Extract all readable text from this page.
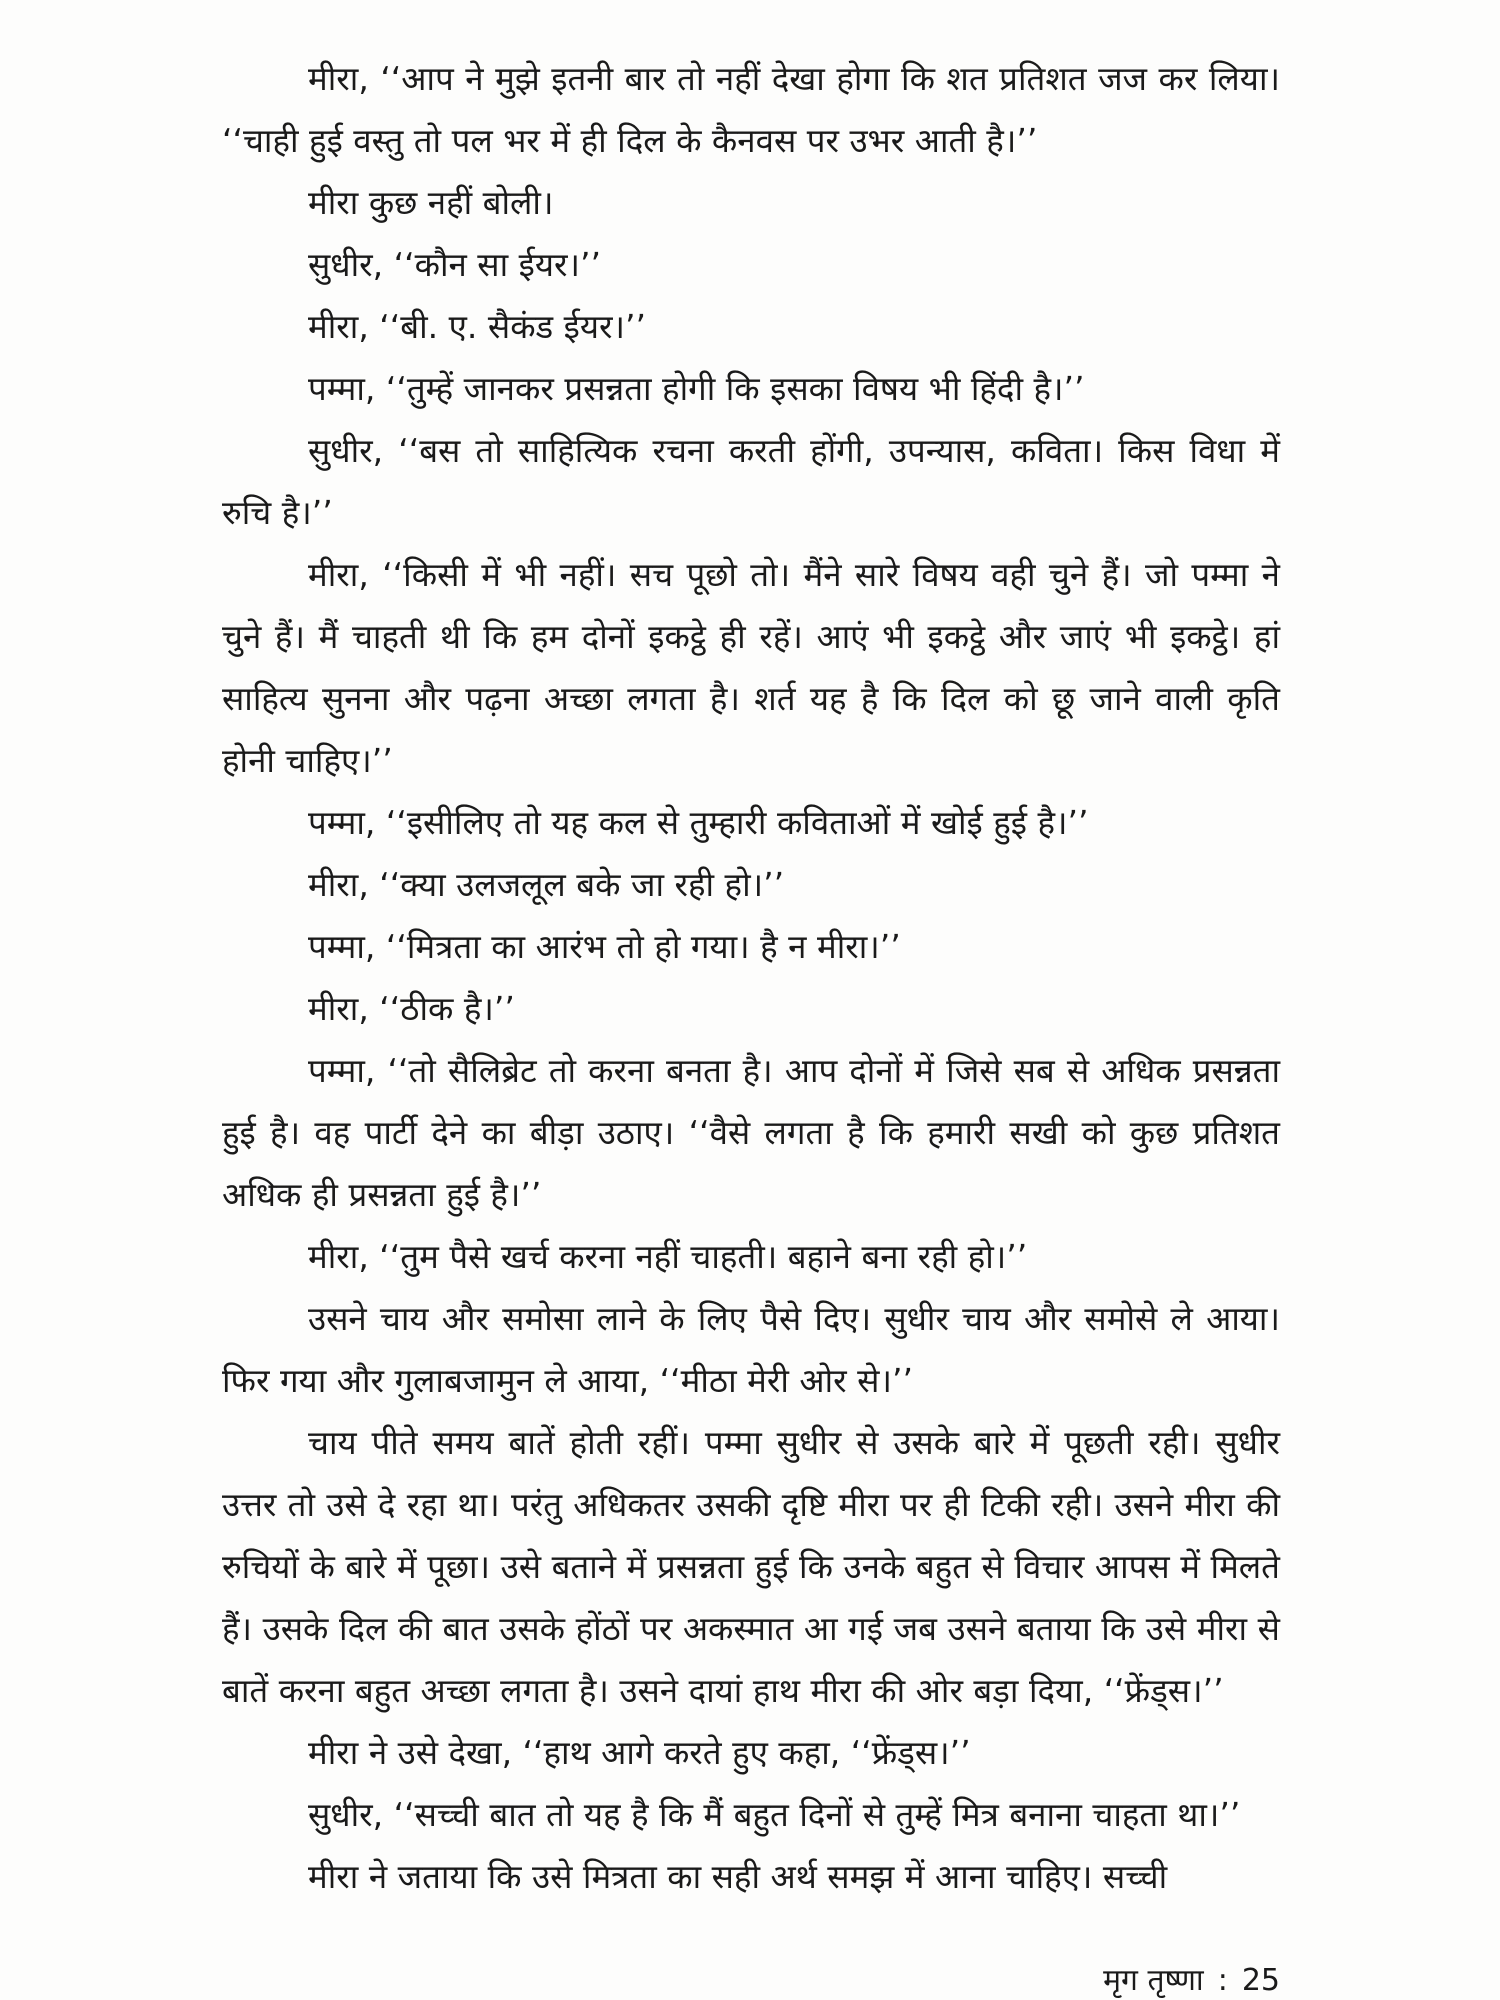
मीरा, ‘‘आप ने मुझे इतनी बार तो नहीं देखा होगा कि शत प्रतिशत जज कर लिया। ‘‘चाही हुई वस्तु तो पल भर में ही दिल के कैनवस पर उभर आती है।’’

मीरा कुछ नहीं बोली।

सुधीर, ‘‘कौन सा ईयर।’’

मीरा, ‘‘बी. ए. सैकंड ईयर।’’

पम्मा, ‘‘तुम्हें जानकर प्रसन्नता होगी कि इसका विषय भी हिंदी है।’’

सुधीर, ‘‘बस तो साहित्यिक रचना करती होंगी, उपन्यास, कविता। किस विधा में रुचि है।’’

मीरा, ‘‘किसी में भी नहीं। सच पूछो तो। मैंने सारे विषय वही चुने हैं। जो पम्मा ने चुने हैं। मैं चाहती थी कि हम दोनों इकट्ठे ही रहें। आएं भी इकट्ठे और जाएं भी इकट्ठे। हां साहित्य सुनना और पढ़ना अच्छा लगता है। शर्त यह है कि दिल को छू जाने वाली कृति होनी चाहिए।’’

पम्मा, ‘‘इसीलिए तो यह कल से तुम्हारी कविताओं में खोई हुई है।’’

मीरा, ‘‘क्या उलजलूल बके जा रही हो।’’

पम्मा, ‘‘मित्रता का आरंभ तो हो गया। है न मीरा।’’

मीरा, ‘‘ठीक है।’’

पम्मा, ‘‘तो सैलिब्रेट तो करना बनता है। आप दोनों में जिसे सब से अधिक प्रसन्नता हुई है। वह पार्टी देने का बीड़ा उठाए। ‘‘वैसे लगता है कि हमारी सखी को कुछ प्रतिशत अधिक ही प्रसन्नता हुई है।’’

मीरा, ‘‘तुम पैसे खर्च करना नहीं चाहती। बहाने बना रही हो।’’

उसने चाय और समोसा लाने के लिए पैसे दिए। सुधीर चाय और समोसे ले आया। फिर गया और गुलाबजामुन ले आया, ‘‘मीठा मेरी ओर से।’’

चाय पीते समय बातें होती रहीं। पम्मा सुधीर से उसके बारे में पूछती रही। सुधीर उत्तर तो उसे दे रहा था। परंतु अधिकतर उसकी दृष्टि मीरा पर ही टिकी रही। उसने मीरा की रुचियों के बारे में पूछा। उसे बताने में प्रसन्नता हुई कि उनके बहुत से विचार आपस में मिलते हैं। उसके दिल की बात उसके होंठों पर अकस्मात आ गई जब उसने बताया कि उसे मीरा से बातें करना बहुत अच्छा लगता है। उसने दायां हाथ मीरा की ओर बड़ा दिया, ‘‘फ्रेंड्स।’’

मीरा ने उसे देखा, ‘‘हाथ आगे करते हुए कहा, ‘‘फ्रेंड्स।’’

सुधीर, ‘‘सच्ची बात तो यह है कि मैं बहुत दिनों से तुम्हें मित्र बनाना चाहता था।’’

मीरा ने जताया कि उसे मित्रता का सही अर्थ समझ में आना चाहिए। सच्ची

मृग तृष्णा : 25
